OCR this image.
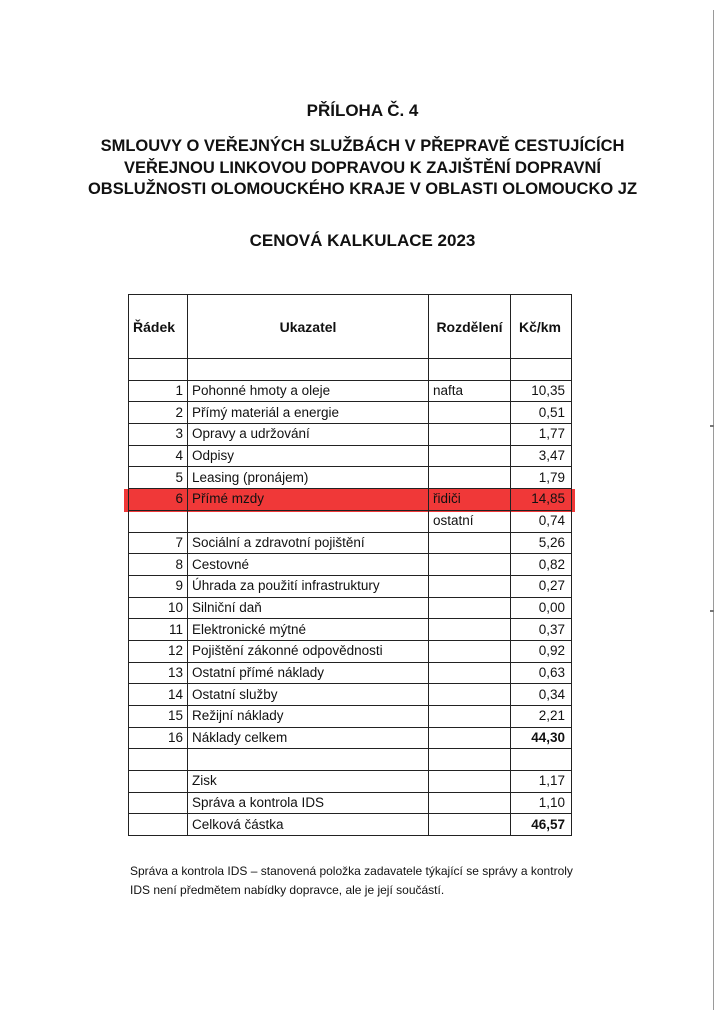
PŘÍLOHA Č. 4
SMLOUVY O VEŘEJNÝCH SLUŽBÁCH V PŘEPRAVĚ CESTUJÍCÍCH
VEŘEJNOU LINKOVOU DOPRAVOU K ZAJIŠTĚNÍ DOPRAVNÍ
OBSLUŽNOSTI OLOMOUCKÉHO KRAJE V OBLASTI OLOMOUCKO JZ
CENOVÁ KALKULACE 2023
Řádek	Ukazatel	Rozdělení	Kč/km

1	Pohonné hmoty a oleje	nafta	10,35
2	Přímý materiál a energie		0,51
3	Opravy a udržování		1,77
4	Odpisy		3,47
5	Leasing (pronájem)		1,79
6	Přímé mzdy	řidiči	14,85
		ostatní	0,74
7	Sociální a zdravotní pojištění		5,26
8	Cestovné		0,82
9	Úhrada za použití infrastruktury		0,27
10	Silniční daň		0,00
11	Elektronické mýtné		0,37
12	Pojištění zákonné odpovědnosti		0,92
13	Ostatní přímé náklady		0,63
14	Ostatní služby		0,34
15	Režijní náklady		2,21
16	Náklady celkem		44,30

	Zisk		1,17
	Správa a kontrola IDS		1,10
	Celková částka		46,57
Správa a kontrola IDS – stanovená položka zadavatele týkající se správy a kontroly
IDS není předmětem nabídky dopravce, ale je její součástí.
